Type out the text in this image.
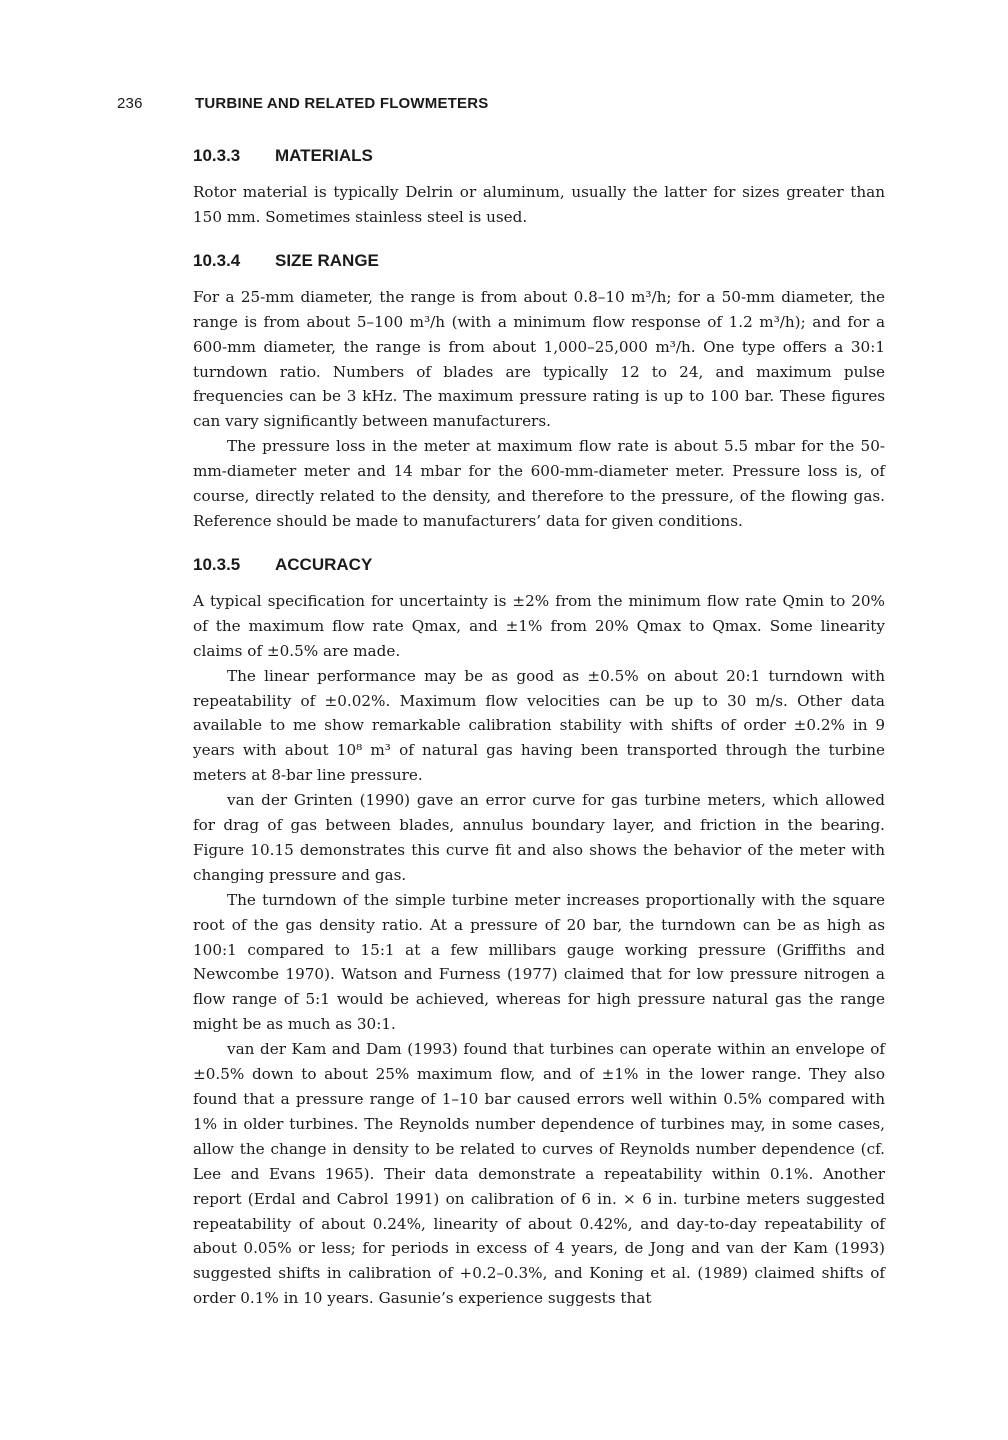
236	TURBINE AND RELATED FLOWMETERS
10.3.3 MATERIALS

Rotor material is typically Delrin or aluminum, usually the latter for sizes greater than 150 mm. Sometimes stainless steel is used.

10.3.4 SIZE RANGE

For a 25-mm diameter, the range is from about 0.8–10 m³/h; for a 50-mm diameter, the range is from about 5–100 m³/h (with a minimum flow response of 1.2 m³/h); and for a 600-mm diameter, the range is from about 1,000–25,000 m³/h. One type offers a 30:1 turndown ratio. Numbers of blades are typically 12 to 24, and maximum pulse frequencies can be 3 kHz. The maximum pressure rating is up to 100 bar. These figures can vary significantly between manufacturers.

The pressure loss in the meter at maximum flow rate is about 5.5 mbar for the 50-mm-diameter meter and 14 mbar for the 600-mm-diameter meter. Pressure loss is, of course, directly related to the density, and therefore to the pressure, of the flowing gas. Reference should be made to manufacturers’ data for given conditions.

10.3.5 ACCURACY

A typical specification for uncertainty is ±2% from the minimum flow rate Qmin to 20% of the maximum flow rate Qmax, and ±1% from 20% Qmax to Qmax. Some linearity claims of ±0.5% are made.

The linear performance may be as good as ±0.5% on about 20:1 turndown with repeatability of ±0.02%. Maximum flow velocities can be up to 30 m/s. Other data available to me show remarkable calibration stability with shifts of order ±0.2% in 9 years with about 10⁸ m³ of natural gas having been transported through the turbine meters at 8-bar line pressure.

van der Grinten (1990) gave an error curve for gas turbine meters, which allowed for drag of gas between blades, annulus boundary layer, and friction in the bearing. Figure 10.15 demonstrates this curve fit and also shows the behavior of the meter with changing pressure and gas.

The turndown of the simple turbine meter increases proportionally with the square root of the gas density ratio. At a pressure of 20 bar, the turndown can be as high as 100:1 compared to 15:1 at a few millibars gauge working pressure (Griffiths and Newcombe 1970). Watson and Furness (1977) claimed that for low pressure nitrogen a flow range of 5:1 would be achieved, whereas for high pressure natural gas the range might be as much as 30:1.

van der Kam and Dam (1993) found that turbines can operate within an envelope of ±0.5% down to about 25% maximum flow, and of ±1% in the lower range. They also found that a pressure range of 1–10 bar caused errors well within 0.5% compared with 1% in older turbines. The Reynolds number dependence of turbines may, in some cases, allow the change in density to be related to curves of Reynolds number dependence (cf. Lee and Evans 1965). Their data demonstrate a repeatability within 0.1%. Another report (Erdal and Cabrol 1991) on calibration of 6 in. × 6 in. turbine meters suggested repeatability of about 0.24%, linearity of about 0.42%, and day-to-day repeatability of about 0.05% or less; for periods in excess of 4 years, de Jong and van der Kam (1993) suggested shifts in calibration of +0.2–0.3%, and Koning et al. (1989) claimed shifts of order 0.1% in 10 years. Gasunie’s experience suggests that
